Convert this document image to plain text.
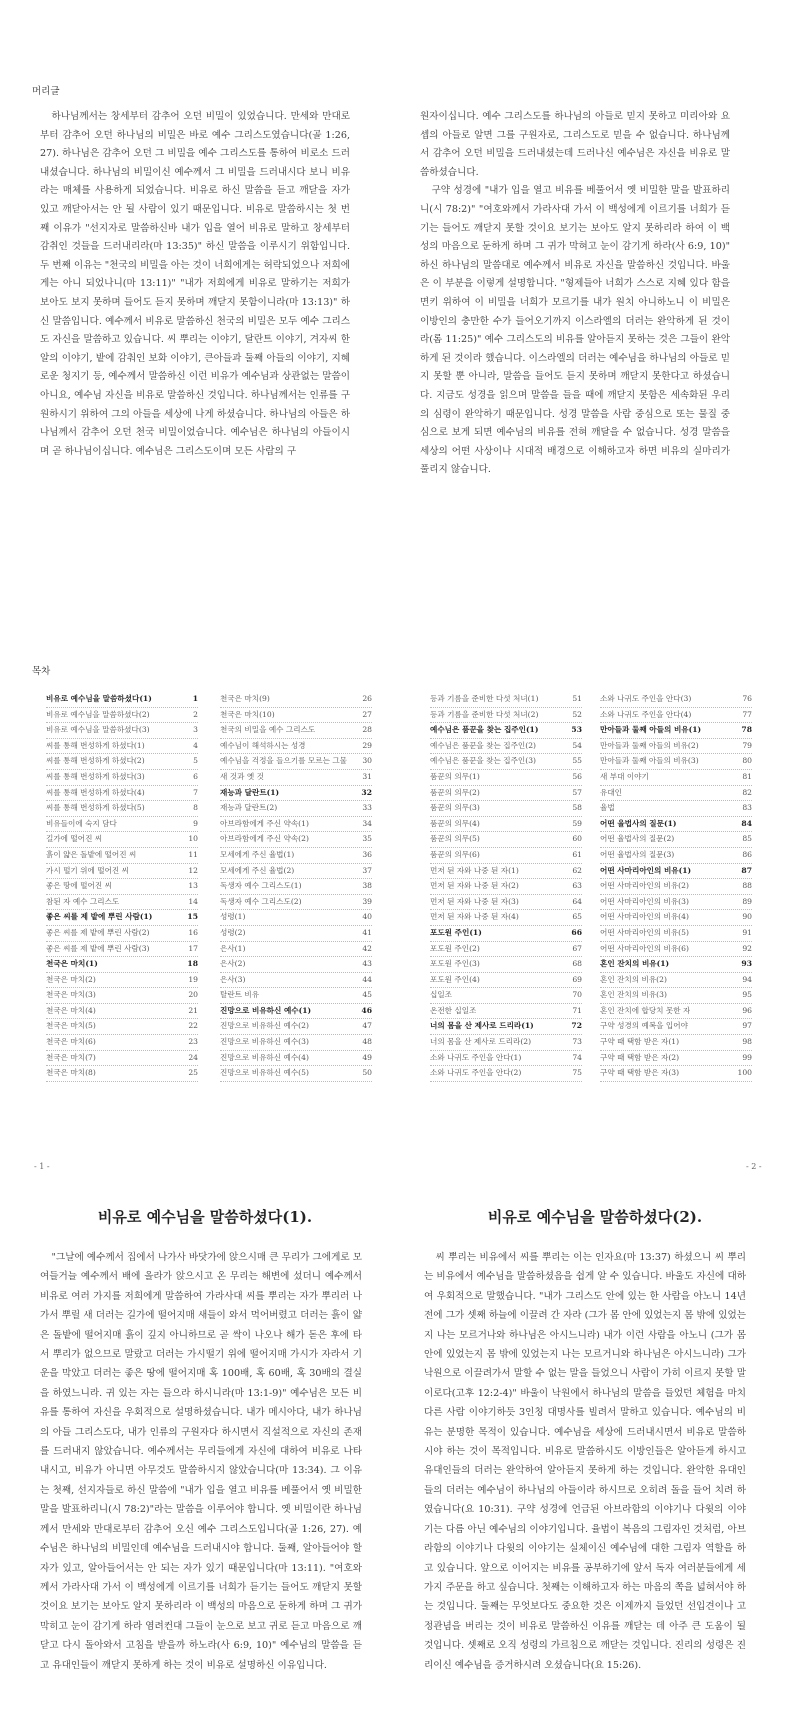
머리글

하나님께서는 창세부터 감추어 오던 비밀이 있었습니다. 만세와 만대로부터 감추어 오던 하나님의 비밀은 바로 예수 그리스도였습니다(골 1:26, 27). 하나님은 감추어 오던 그 비밀을 예수 그리스도를 통하여 비로소 드러내셨습니다. 하나님의 비밀이신 예수께서 그 비밀을 드러내시다 보니 비유라는 매체를 사용하게 되었습니다. 비유로 하신 말씀을 듣고 깨닫을 자가 있고 깨닫아서는 안 될 사람이 있기 때문입니다. 비유로 말씀하시는 첫 번째 이유가 "선지자로 말씀하신바 내가 입을 열어 비유로 말하고 창세부터 감취인 것들을 드러내리라(마 13:35)" 하신 말씀을 이루시기 위함입니다. 두 번째 이유는 "천국의 비밀을 아는 것이 너희에게는 허락되었으나 저희에게는 아니 되었나니(마 13:11)" "내가 저희에게 비유로 말하기는 저희가 보아도 보지 못하며 들어도 듣지 못하며 깨닫지 못함이니라(마 13:13)" 하신 말씀입니다. 예수께서 비유로 말씀하신 천국의 비밀은 모두 예수 그리스도 자신을 말씀하고 있습니다. 씨 뿌리는 이야기, 달란트 이야기, 겨자씨 한 알의 이야기, 밭에 감춰인 보화 이야기, 큰아들과 둘째 아들의 이야기, 지혜로운 청지기 등, 예수께서 말씀하신 이런 비유가 예수님과 상관없는 말씀이 아니요, 예수님 자신을 비유로 말씀하신 것입니다. 하나님께서는 인류를 구원하시기 위하여 그의 아들을 세상에 나게 하셨습니다. 하나님의 아들은 하나님께서 감추어 오던 천국 비밀이었습니다. 예수님은 하나님의 아들이시며 곧 하나님이십니다. 예수님은 그리스도이며 모든 사람의 구

원자이십니다. 예수 그리스도를 하나님의 아들로 믿지 못하고 미리아와 요셉의 아들로 알면 그를 구원자로, 그리스도로 믿을 수 없습니다. 하나님께서 감추어 오던 비밀을 드러내셨는데 드러나신 예수님은 자신을 비유로 말씀하셨습니다.

구약 성경에 "내가 입을 열고 비유를 베풀어서 옛 비밀한 말을 발표하리니(시 78:2)" "여호와께서 가라사대 가서 이 백성에게 이르기를 너희가 듣기는 들어도 깨닫지 못할 것이요 보기는 보아도 알지 못하리라 하여 이 백성의 마음으로 둔하게 하며 그 귀가 막혀고 눈이 감기게 하라(사 6:9, 10)" 하신 하나님의 말씀대로 예수께서 비유로 자신을 말씀하신 것입니다. 바울은 이 부분을 이렇게 설명합니다. "형제들아 너희가 스스로 지혜 있다 함을 면키 위하여 이 비밀을 너희가 모르기를 내가 원치 아니하노니 이 비밀은 이방인의 충만한 수가 들어오기까지 이스라엘의 더러는 완악하게 된 것이라(롬 11:25)" 예수 그리스도의 비유를 알아듣지 못하는 것은 그들이 완악하게 된 것이라 했습니다. 이스라엘의 더러는 예수님을 하나님의 아들로 믿지 못할 뿐 아니라, 말씀을 들어도 듣지 못하며 깨닫지 못한다고 하셨습니다. 지금도 성경을 읽으며 말씀을 들을 때에 깨닫지 못함은 세속화된 우리의 심령이 완악하기 때문입니다. 성경 말씀을 사람 중심으로 또는 물질 중심으로 보게 되면 예수님의 비유를 전혀 깨달을 수 없습니다. 성경 말씀을 세상의 어떤 사상이나 시대적 배경으로 이해하고자 하면 비유의 실마리가 풀리지 않습니다.

목차
비유로 예수님을 말씀하셨다(1)	1
비유로 예수님을 말씀하셨다(2)	2
비유로 예수님을 말씀하셨다(3)	3
씨를 통해 번성하게 하셨다(1)	4
씨를 통해 번성하게 하셨다(2)	5
씨를 통해 번성하게 하셨다(3)	6
씨를 통해 번성하게 하셨다(4)	7
씨를 통해 번성하게 하셨다(5)	8
비유들이에 숙지 담다	9
길가에 떨어진 씨	10
흙이 얇은 돌밭에 떨어진 씨	11
가시 떨기 위에 떨어진 씨	12
좋은 땅에 떨어진 씨	13
참된 자 예수 그리스도	14
좋은 씨를 제 밭에 뿌린 사람(1)	15
좋은 씨를 제 밭에 뿌린 사람(2)	16
좋은 씨를 제 밭에 뿌린 사람(3)	17
천국은 마치(1)	18
천국은 마치(2)	19
천국은 마치(3)	20
천국은 마치(4)	21
천국은 마치(5)	22
천국은 마치(6)	23
천국은 마치(7)	24
천국은 마치(8)	25
천국은 마치(9)	26
천국은 마치(10)	27
천국의 비밀을 예수 그리스도	28
예수님이 해석하시는 성경	29
예수님을 걱정을 들으기를 모르는 그물 30
새 것과 옛 것	31
재능과 달란트(1)	32
재능과 달란트(2)	33
아브라함에게 주신 약속(1)	34
아브라함에게 주신 약속(2)	35
모세에게 주신 율법(1)	36
모세에게 주신 율법(2)	37
독생자 예수 그리스도(1)	38
독생자 예수 그리스도(2)	39
성령(1)	40
성령(2)	41
은사(1)	42
은사(2)	43
은사(3)	44
탈란트 비유	45
진망으로 비유하신 예수(1)	46
진망으로 비유하신 예수(2)	47
진망으로 비유하신 예수(3)	48
진망으로 비유하신 예수(4)	49
진망으로 비유하신 예수(5)	50
등과 기름을 준비한 다섯 처녀(1)	51
등과 기름을 준비한 다섯 처녀(2)	52
예수님은 품꾼을 찾는 집주인(1)	53
예수님은 품꾼을 찾는 집주인(2)	54
예수님은 품꾼을 찾는 집주인(3)	55
품꾼의 의무(1)	56
품꾼의 의무(2)	57
품꾼의 의무(3)	58
품꾼의 의무(4)	59
품꾼의 의무(5)	60
품꾼의 의무(6)	61
먼저 된 자와 나중 된 자(1)	62
먼저 된 자와 나중 된 자(2)	63
먼저 된 자와 나중 된 자(3)	64
먼저 된 자와 나중 된 자(4)	65
포도원 주인(1)	66
포도원 주인(2)	67
포도원 주인(3)	68
포도원 주인(4)	69
십일조	70
온전한 십일조	71
너의 몸을 산 제사로 드리라(1)	72
너의 몸을 산 제사로 드리라(2)	73
소와 나귀도 주인을 안다(1)	74
소와 나귀도 주인을 안다(2)	75
소와 나귀도 주인을 안다(3)	76
소와 나귀도 주인을 안다(4)	77
만아들과 둘째 아들의 비유(1)	78
만아들과 둘째 아들의 비유(2)	79
만아들과 둘째 아들의 비유(3)	80
새 부대 이야기	81
유대인	82
율법	83
어떤 율법사의 질문(1)	84
어떤 율법사의 질문(2)	85
어떤 율법사의 질문(3)	86
어떤 사마리아인의 비유(1)	87
어떤 사마리아인의 비유(2)	88
어떤 사마리아인의 비유(3)	89
어떤 사마리아인의 비유(4)	90
어떤 사마리아인의 비유(5)	91
어떤 사마리아인의 비유(6)	92
혼인 잔치의 비유(1)	93
혼인 잔치의 비유(2)	94
혼인 잔치의 비유(3)	95
혼인 잔치에 합당치 못한 자	96
구약 성경의 예복을 입어야	97
구약 때 택함 받은 자(1)	98
구약 때 택함 받은 자(2)	99
구약 때 택함 받은 자(3)	100
- 1 -
비유로 예수님을 말씀하셨다(1).

"그날에 예수께서 집에서 나가사 바닷가에 앉으시매 큰 무리가 그에게로 모여들거늘 예수께서 배에 올라가 앉으시고 온 무리는 해변에 섰더니 예수께서 비유로 여러 가지를 저희에게 말씀하여 가라사대 씨를 뿌리는 자가 뿌리러 나가서 뿌릴 새 더러는 길가에 떨어지매 새들이 와서 먹어버렸고 더러는 흙이 얇은 돌밭에 떨어지매 흙이 깊지 아니하므로 곧 싹이 나오나 해가 돋은 후에 타서 뿌리가 없으므로 말랐고 더러는 가시떨기 위에 떨어지매 가시가 자라서 기운을 막았고 더러는 좋은 땅에 떨어지매 혹 100배, 혹 60배, 혹 30배의 결실을 하였느니라. 귀 있는 자는 들으라 하시니라(마 13:1-9)" 예수님은 모든 비유를 통하여 자신을 우회적으로 설명하셨습니다. 내가 메시아다, 내가 하나님의 아들 그리스도다, 내가 인류의 구원자다 하시면서 직설적으로 자신의 존재를 드러내지 않았습니다. 예수께서는 무리들에게 자신에 대하여 비유로 나타내시고, 비유가 아니면 아무것도 말씀하시지 않았습니다(마 13:34). 그 이유는 첫째, 선지자들로 하신 말씀에 "내가 입을 열고 비유를 베풀어서 옛 비밀한 말을 발표하리니(시 78:2)"라는 말씀을 이루어야 합니다. 옛 비밀이란 하나님께서 만세와 만대로부터 감추어 오신 예수 그리스도입니다(골 1:26, 27). 예수님은 하나님의 비밀인데 예수님을 드러내시야 합니다. 둘째, 알아들어야 할 자가 있고, 알아들어서는 안 되는 자가 있기 때문입니다(마 13:11). "여호와께서 가라사대 가서 이 백성에게 이르기를 너희가 듣기는 들어도 깨닫지 못할 것이요 보기는 보아도 알지 못하리라 이 백성의 마음으로 둔하게 하며 그 귀가 막히고 눈이 감기게 하라 염려컨대 그들이 눈으로 보고 귀로 듣고 마음으로 깨닫고 다시 돌아와서 고침을 받을까 하노라(사 6:9, 10)" 예수님의 말씀을 듣고 유대인들이 깨닫지 못하게 하는 것이 비유로 설명하신 이유입니다.

- 2 -
비유로 예수님을 말씀하셨다(2).

씨 뿌리는 비유에서 씨를 뿌리는 이는 인자요(마 13:37) 하셨으니 씨 뿌리는 비유에서 예수님을 말씀하셨음을 쉽게 알 수 있습니다. 바울도 자신에 대하여 우회적으로 말했습니다. "내가 그리스도 안에 있는 한 사람을 아노니 14년 전에 그가 셋째 하늘에 이끌려 간 자라 (그가 몸 안에 있었는지 몸 밖에 있었는지 나는 모르거나와 하나님은 아시느니라) 내가 이런 사람을 아노니 (그가 몸 안에 있었는지 몸 밖에 있었는지 나는 모르거니와 하나님은 아시느니라) 그가 낙원으로 이끌려가서 말할 수 없는 말을 들었으니 사람이 가히 이르지 못할 말이로다(고후 12:2-4)" 바울이 낙원에서 하나님의 말씀을 들었던 체험을 마치 다른 사람 이야기하듯 3인칭 대명사를 빌려서 말하고 있습니다. 예수님의 비유는 분명한 목적이 있습니다. 예수님을 세상에 드러내시면서 비유로 말씀하시야 하는 것이 목적입니다. 비유로 말씀하시도 이방인들은 알아듣게 하시고 유대인들의 더러는 완악하여 알아듣지 못하게 하는 것입니다. 완악한 유대인들의 더러는 예수님이 하나님의 아들이라 하시므로 오히려 돌을 들어 치려 하였습니다(요 10:31). 구약 성경에 언급된 아브라함의 이야기나 다윗의 이야기는 다름 아닌 예수님의 이야기입니다. 율법이 복음의 그림자인 것처럼, 아브라함의 이야기나 다윗의 이야기는 실체이신 예수님에 대한 그림자 역할을 하고 있습니다. 앞으로 이어지는 비유를 공부하기에 앞서 독자 여러분들에게 세 가지 주문을 하고 싶습니다. 첫째는 이해하고자 하는 마음의 쪽을 넓혀서야 하는 것입니다. 둘째는 무엇보다도 중요한 것은 이제까지 들었던 선입견이나 고정관념을 버리는 것이 비유로 말씀하신 이유를 깨닫는 데 아주 큰 도움이 될 것입니다. 셋째로 오직 성령의 가르침으로 깨닫는 것입니다. 진리의 성령은 진리이신 예수님을 증거하시려 오셨습니다(요 15:26).
